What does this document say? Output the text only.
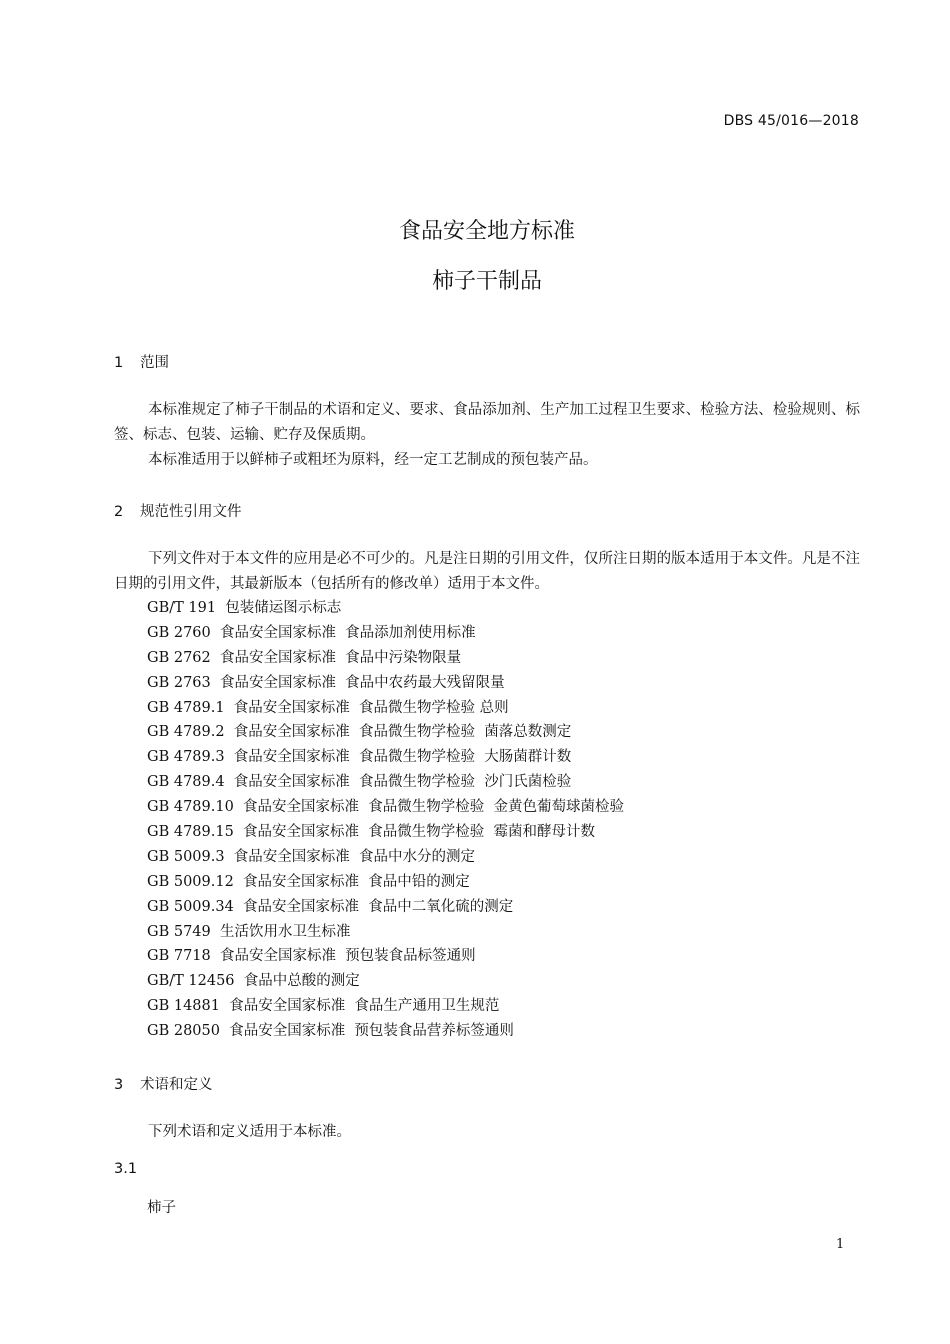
DBS 45/016—2018
食品安全地方标准
柿子干制品
1 范围

本标准规定了柿子干制品的术语和定义、要求、食品添加剂、生产加工过程卫生要求、检验方法、检验规则、标签、标志、包装、运输、贮存及保质期。

本标准适用于以鲜柿子或粗坯为原料，经一定工艺制成的预包装产品。

2 规范性引用文件

下列文件对于本文件的应用是必不可少的。凡是注日期的引用文件，仅所注日期的版本适用于本文件。凡是不注日期的引用文件，其最新版本（包括所有的修改单）适用于本文件。

GB/T 191  包装储运图示标志
GB 2760  食品安全国家标准  食品添加剂使用标准
GB 2762  食品安全国家标准  食品中污染物限量
GB 2763  食品安全国家标准  食品中农药最大残留限量
GB 4789.1  食品安全国家标准  食品微生物学检验 总则
GB 4789.2  食品安全国家标准  食品微生物学检验  菌落总数测定
GB 4789.3  食品安全国家标准  食品微生物学检验  大肠菌群计数
GB 4789.4  食品安全国家标准  食品微生物学检验  沙门氏菌检验
GB 4789.10  食品安全国家标准  食品微生物学检验  金黄色葡萄球菌检验
GB 4789.15  食品安全国家标准  食品微生物学检验  霉菌和酵母计数
GB 5009.3  食品安全国家标准  食品中水分的测定
GB 5009.12  食品安全国家标准  食品中铅的测定
GB 5009.34  食品安全国家标准  食品中二氧化硫的测定
GB 5749  生活饮用水卫生标准
GB 7718  食品安全国家标准  预包装食品标签通则
GB/T 12456  食品中总酸的测定
GB 14881  食品安全国家标准  食品生产通用卫生规范
GB 28050  食品安全国家标准  预包装食品营养标签通则
3 术语和定义

下列术语和定义适用于本标准。

3.1
柿子
1
